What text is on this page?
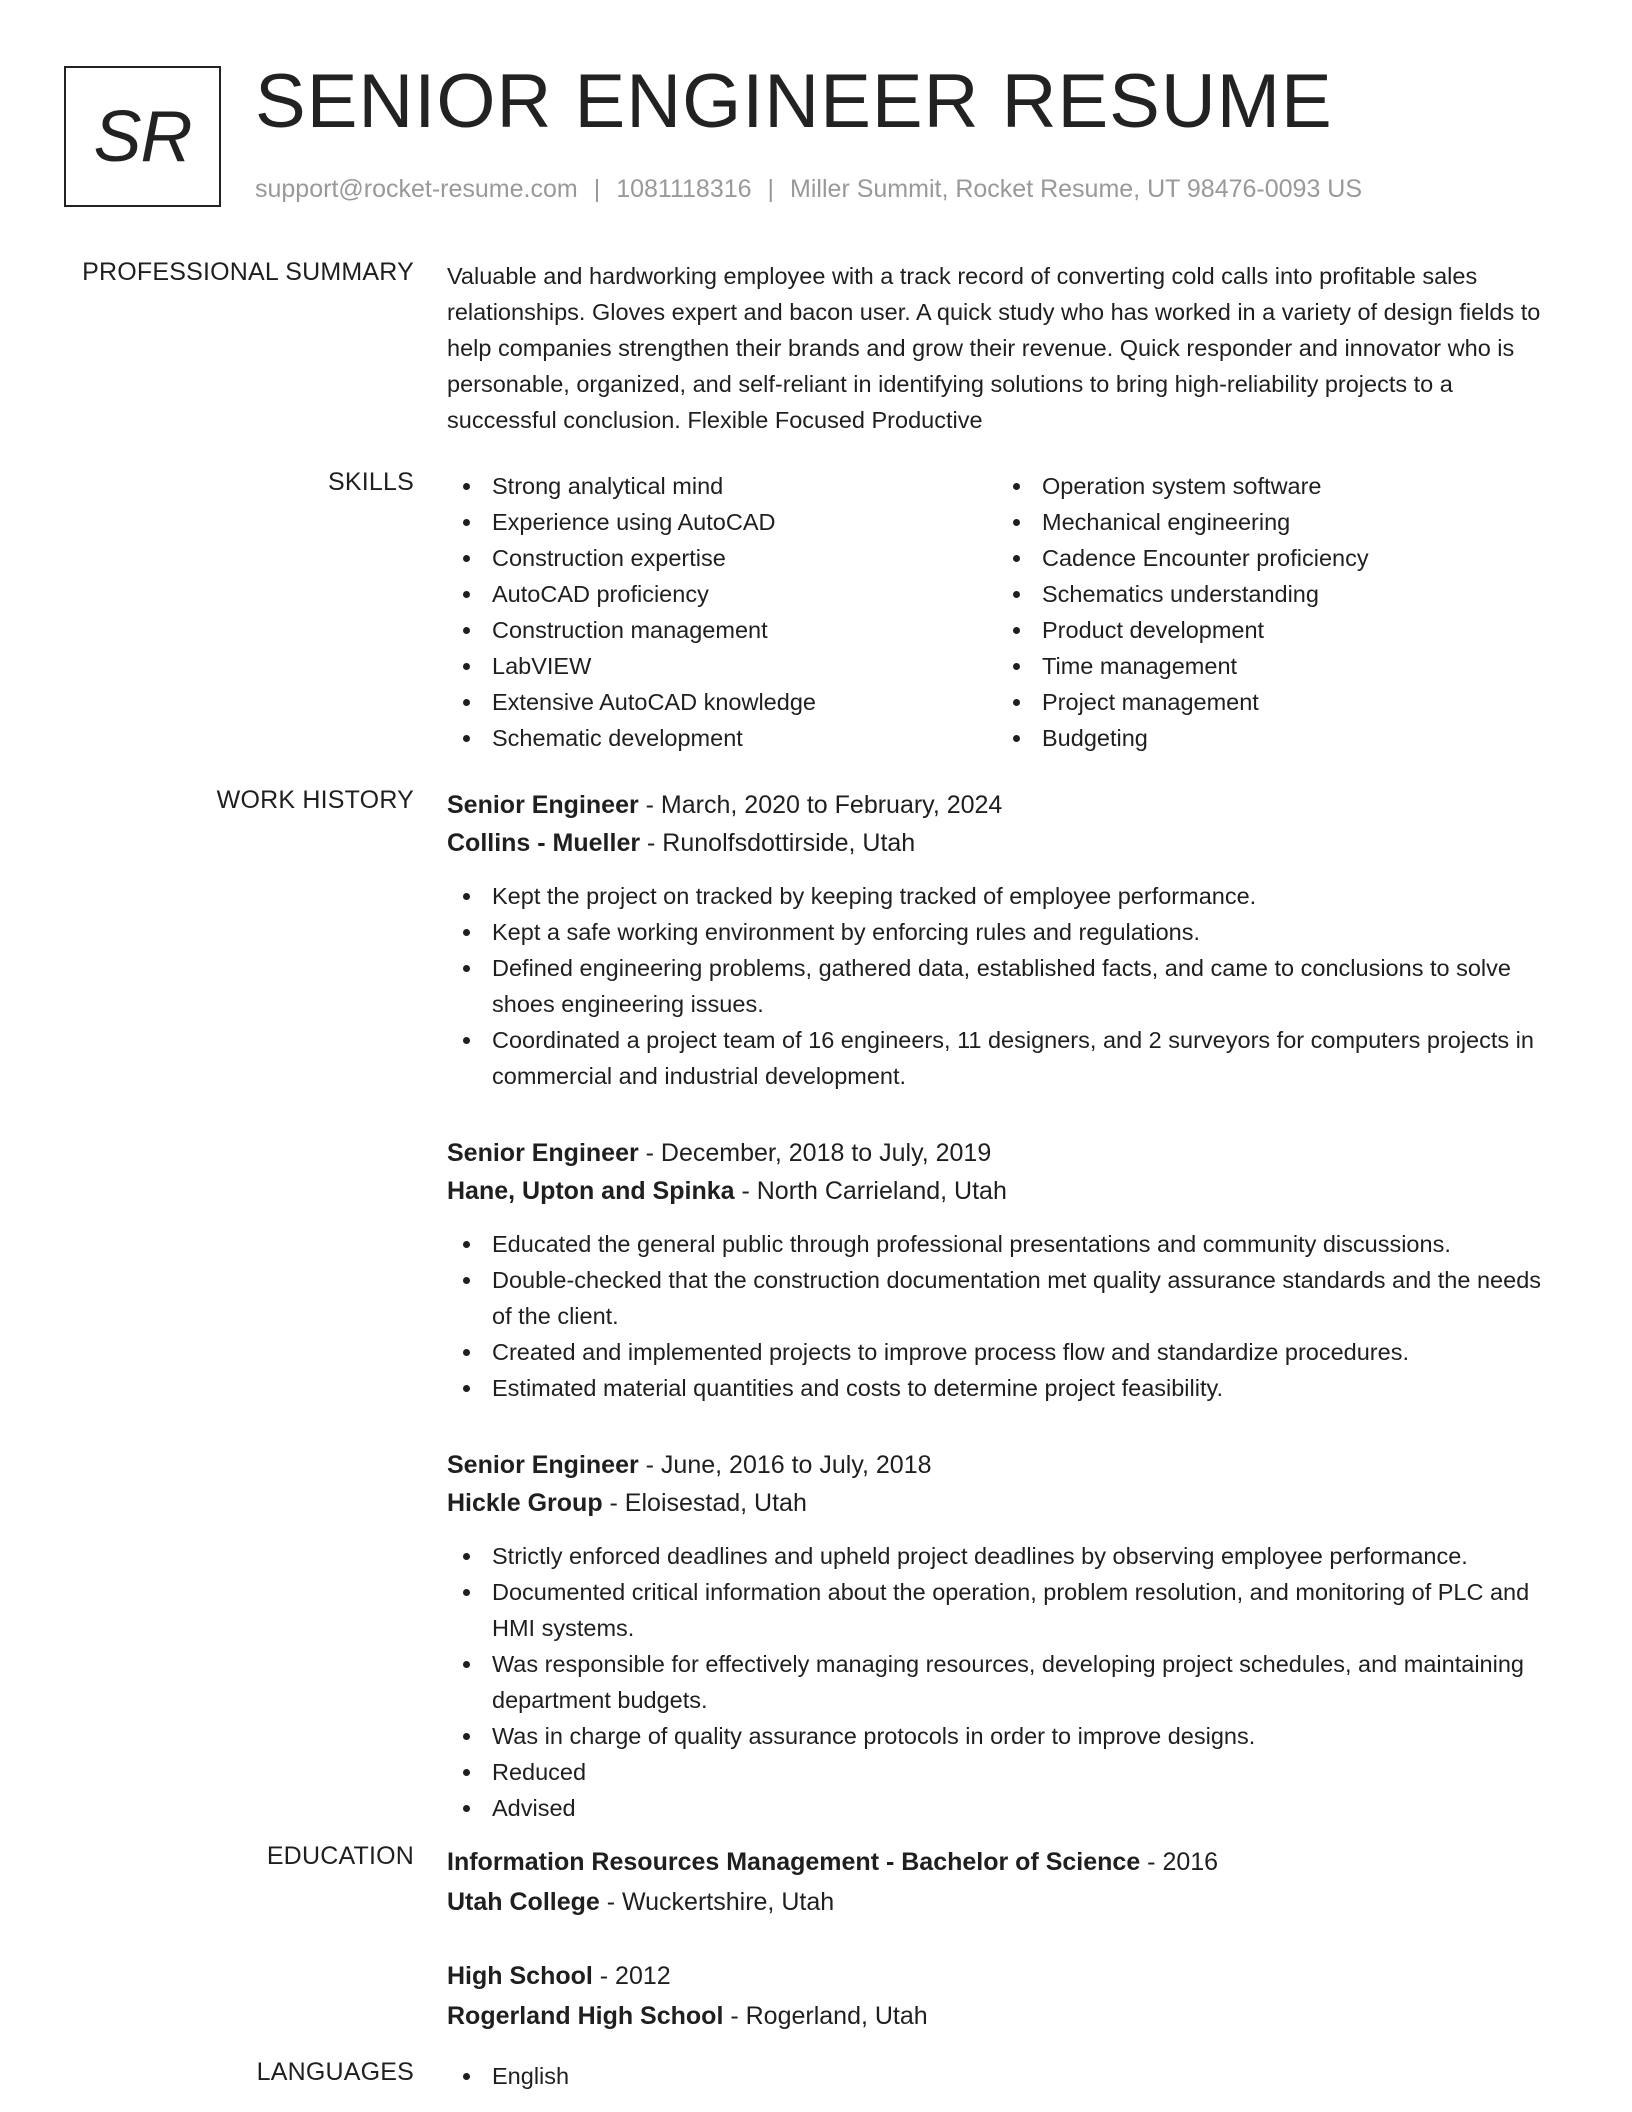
SR SENIOR ENGINEER RESUME
support@rocket-resume.com | 1081118316 | Miller Summit, Rocket Resume, UT 98476-0093 US
PROFESSIONAL SUMMARY Valuable and hardworking employee with a track record of converting cold calls into profitable sales relationships. Gloves expert and bacon user. A quick study who has worked in a variety of design fields to help companies strengthen their brands and grow their revenue. Quick responder and innovator who is personable, organized, and self-reliant in identifying solutions to bring high-reliability projects to a successful conclusion. Flexible Focused Productive

SKILLS	Strong analytical mind
Experience using AutoCAD
Construction expertise
AutoCAD proficiency
Construction management
LabVIEW
Extensive AutoCAD knowledge
Schematic development
Operation system software
Mechanical engineering
Cadence Encounter proficiency
Schematics understanding
Product development
Time management
Project management
Budgeting
WORK HISTORY Senior Engineer - March, 2020 to February, 2024
Collins - Mueller - Runolfsdottirside, Utah
Kept the project on tracked by keeping tracked of employee performance.
Kept a safe working environment by enforcing rules and regulations.
Defined engineering problems, gathered data, established facts, and came to conclusions to solve shoes engineering issues.
Coordinated a project team of 16 engineers, 11 designers, and 2 surveyors for computers projects in commercial and industrial development.
Senior Engineer - December, 2018 to July, 2019
Hane, Upton and Spinka - North Carrieland, Utah
Educated the general public through professional presentations and community discussions.
Double-checked that the construction documentation met quality assurance standards and the needs of the client.
Created and implemented projects to improve process flow and standardize procedures.
Estimated material quantities and costs to determine project feasibility.
Senior Engineer - June, 2016 to July, 2018
Hickle Group - Eloisestad, Utah
Strictly enforced deadlines and upheld project deadlines by observing employee performance.
Documented critical information about the operation, problem resolution, and monitoring of PLC and HMI systems.
Was responsible for effectively managing resources, developing project schedules, and maintaining department budgets.
Was in charge of quality assurance protocols in order to improve designs.
Reduced
Advised
EDUCATION Information Resources Management - Bachelor of Science - 2016
Utah College - Wuckertshire, Utah
High School - 2012
Rogerland High School - Rogerland, Utah
LANGUAGES	English
